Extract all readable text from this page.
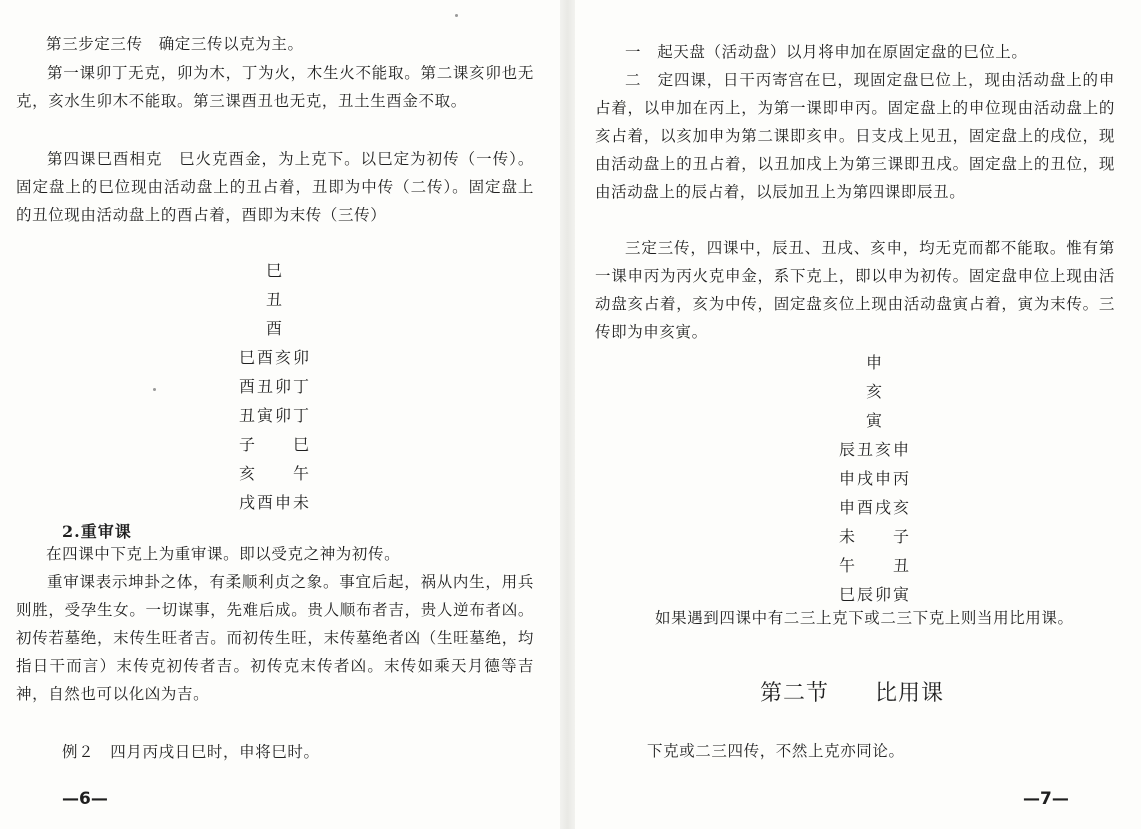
第三步定三传　确定三传以克为主。

第一课卯丁无克，卯为木，丁为火，木生火不能取。第二课亥卯也无克，亥水生卯木不能取。第三课酉丑也无克，丑土生酉金不取。

第四课巳酉相克　巳火克酉金，为上克下。以巳定为初传（一传）。固定盘上的巳位现由活动盘上的丑占着，丑即为中传（二传）。固定盘上的丑位现由活动盘上的酉占着，酉即为末传（三传）

巳
丑
酉
巳酉亥卯
酉丑卯丁
丑寅卯丁
子　　巳
亥　　午
戌酉申未

2.重审课

在四课中下克上为重审课。即以受克之神为初传。

重审课表示坤卦之体，有柔顺利贞之象。事宜后起，祸从内生，用兵则胜，受孕生女。一切谋事，先难后成。贵人顺布者吉，贵人逆布者凶。初传若墓绝，末传生旺者吉。而初传生旺，末传墓绝者凶（生旺墓绝，均指日干而言）末传克初传者吉。初传克末传者凶。末传如乘天月德等吉神，自然也可以化凶为吉。

例２　四月丙戌日巳时，申将巳时。

—6—

一　起天盘（活动盘）以月将申加在原固定盘的巳位上。

二　定四课，日干丙寄宫在巳，现固定盘巳位上，现由活动盘上的申占着，以申加在丙上，为第一课即申丙。固定盘上的申位现由活动盘上的亥占着，以亥加申为第二课即亥申。日支戌上见丑，固定盘上的戌位，现由活动盘上的丑占着，以丑加戌上为第三课即丑戌。固定盘上的丑位，现由活动盘上的辰占着，以辰加丑上为第四课即辰丑。

三定三传，四课中，辰丑、丑戌、亥申，均无克而都不能取。惟有第一课申丙为丙火克申金，系下克上，即以申为初传。固定盘申位上现由活动盘亥占着，亥为中传，固定盘亥位上现由活动盘寅占着，寅为末传。三传即为申亥寅。

申
亥
寅
辰丑亥申
申戌申丙
申酉戌亥
未　　子
午　　丑
巳辰卯寅

如果遇到四课中有二三上克下或二三下克上则当用比用课。

第二节　　比用课

下克或二三四传，不然上克亦同论。

—7—
